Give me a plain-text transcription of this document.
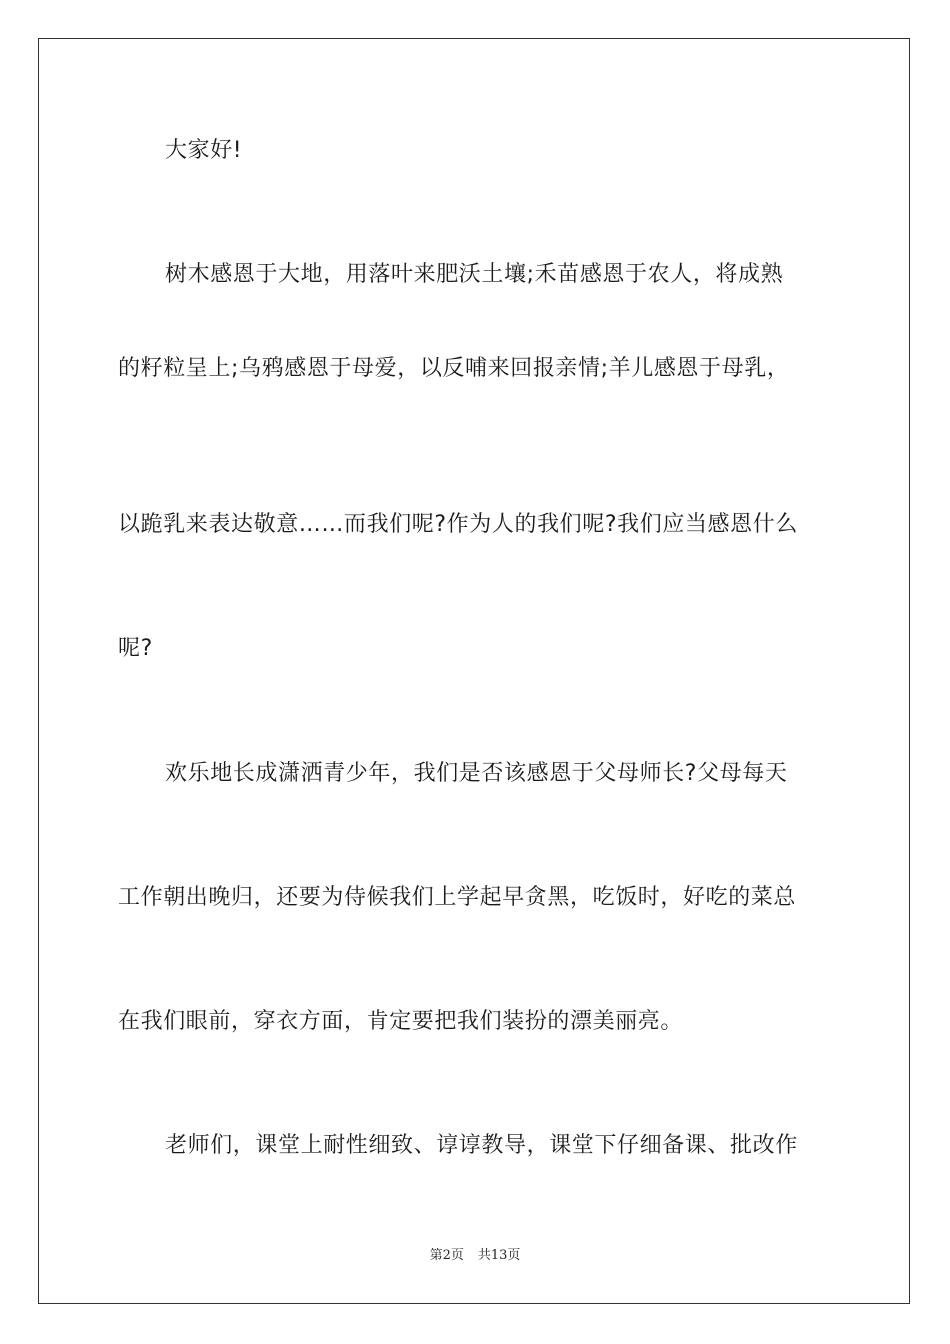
大家好!
树木感恩于大地，用落叶来肥沃土壤;禾苗感恩于农人，将成熟
的籽粒呈上;乌鸦感恩于母爱，以反哺来回报亲情;羊儿感恩于母乳，
以跪乳来表达敬意……而我们呢?作为人的我们呢?我们应当感恩什么
呢?
欢乐地长成潇洒青少年，我们是否该感恩于父母师长?父母每天
工作朝出晚归，还要为侍候我们上学起早贪黑，吃饭时，好吃的菜总
在我们眼前，穿衣方面，肯定要把我们装扮的漂美丽亮。
老师们，课堂上耐性细致、谆谆教导，课堂下仔细备课、批改作
第2页 共13页
